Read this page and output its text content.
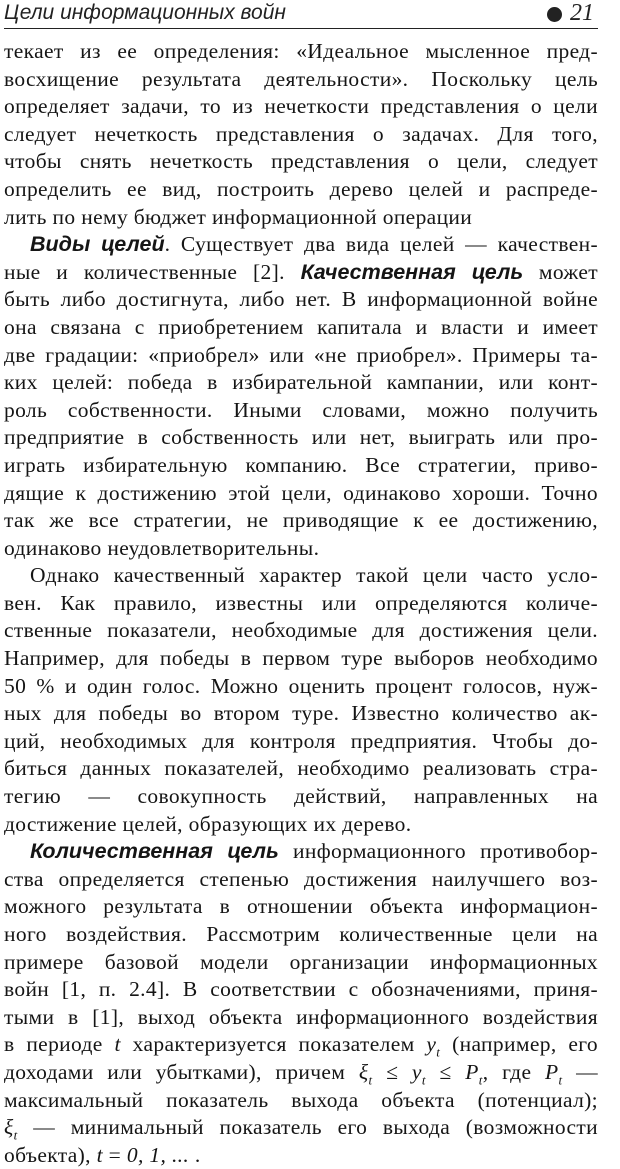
Цели информационных войн	21
текает из ее определения: «Идеальное мысленное пред-
восхищение результата деятельности». Поскольку цель
определяет задачи, то из нечеткости представления о цели
следует нечеткость представления о задачах. Для того,
чтобы снять нечеткость представления о цели, следует
определить ее вид, построить дерево целей и распреде-
лить по нему бюджет информационной операции
Виды целей. Существует два вида целей — качествен-
ные и количественные [2]. Качественная цель может
быть либо достигнута, либо нет. В информационной войне
она связана с приобретением капитала и власти и имеет
две градации: «приобрел» или «не приобрел». Примеры та-
ких целей: победа в избирательной кампании, или конт-
роль собственности. Иными словами, можно получить
предприятие в собственность или нет, выиграть или про-
играть избирательную компанию. Все стратегии, приво-
дящие к достижению этой цели, одинаково хороши. Точно
так же все стратегии, не приводящие к ее достижению,
одинаково неудовлетворительны.
Однако качественный характер такой цели часто усло-
вен. Как правило, известны или определяются количе-
ственные показатели, необходимые для достижения цели.
Например, для победы в первом туре выборов необходимо
50 % и один голос. Можно оценить процент голосов, нуж-
ных для победы во втором туре. Известно количество ак-
ций, необходимых для контроля предприятия. Чтобы до-
биться данных показателей, необходимо реализовать стра-
тегию — совокупность действий, направленных на
достижение целей, образующих их дерево.
Количественная цель информационного противобор-
ства определяется степенью достижения наилучшего воз-
можного результата в отношении объекта информацион-
ного воздействия. Рассмотрим количественные цели на
примере базовой модели организации информационных
войн [1, п. 2.4]. В соответствии с обозначениями, приня-
тыми в [1], выход объекта информационного воздействия
в периоде t характеризуется показателем $y_t$ (например, его
доходами или убытками), причем $\xi_t \le y_t \le P_t$, где $P_t$ —
максимальный показатель выхода объекта (потенциал);
$\xi_t$ — минимальный показатель его выхода (возможности
объекта), t = 0, 1, ... .
